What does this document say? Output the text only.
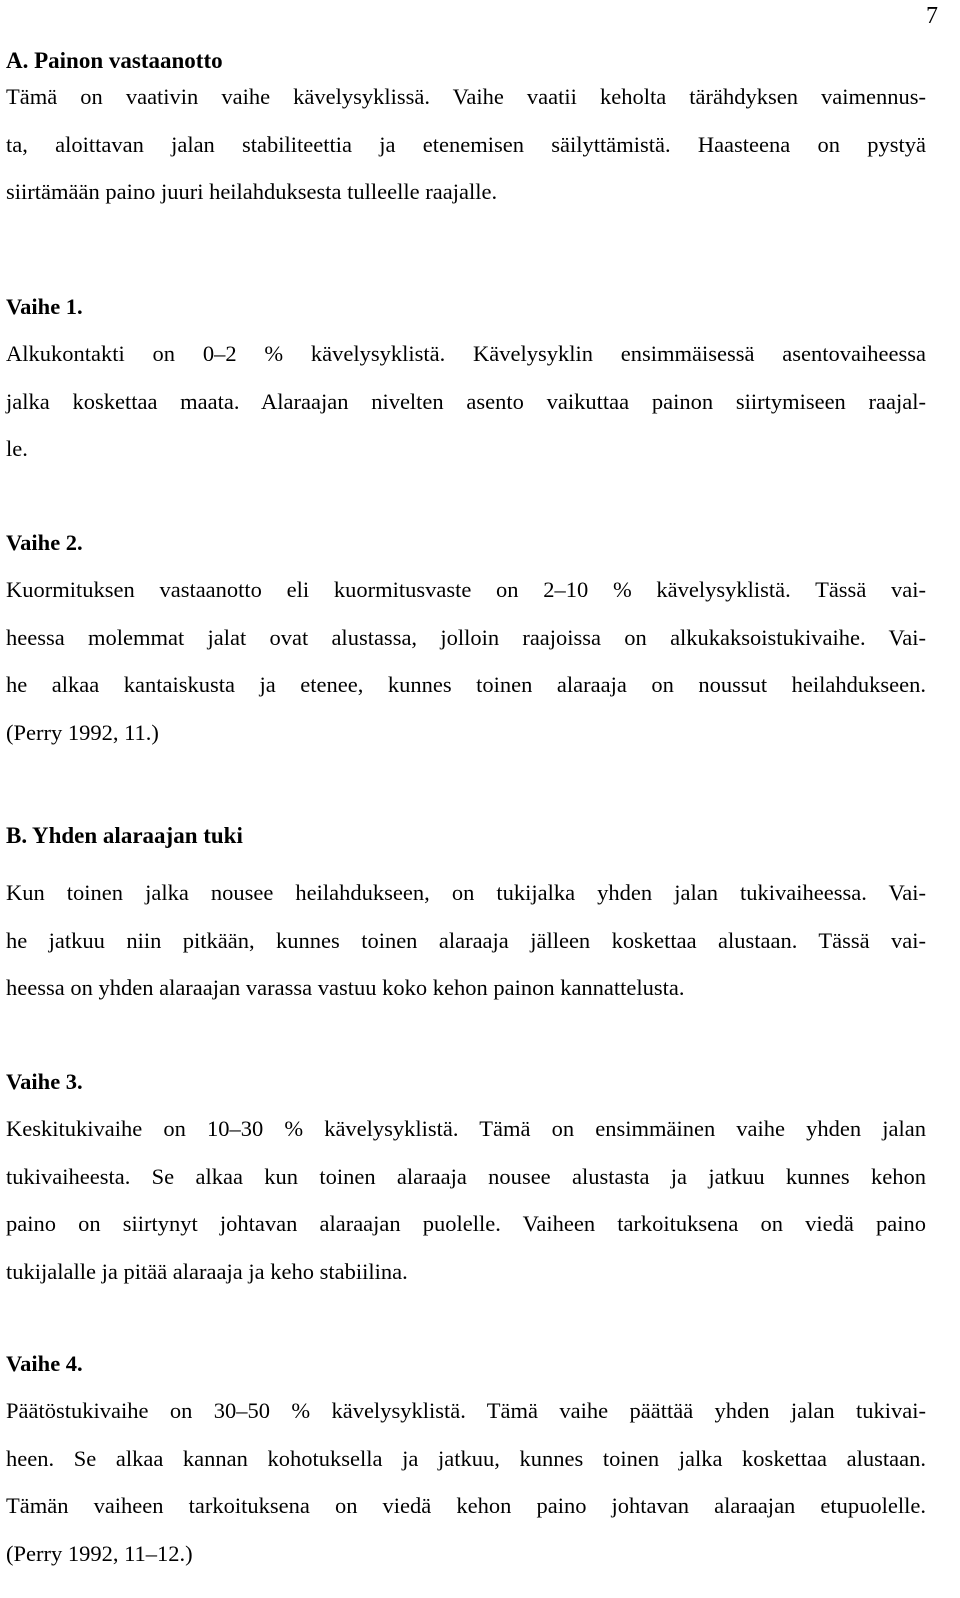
7
A. Painon vastaanotto

Tämä on vaativin vaihe kävelysyklissä. Vaihe vaatii keholta tärähdyksen vaimennus-
ta, aloittavan jalan stabiliteettia ja etenemisen säilyttämistä. Haasteena on pystyä
siirtämään paino juuri heilahduksesta tulleelle raajalle.

Vaihe 1.

Alkukontakti on 0–2 % kävelysyklistä. Kävelysyklin ensimmäisessä asentovaiheessa
jalka koskettaa maata. Alaraajan nivelten asento vaikuttaa painon siirtymiseen raajal-
le.

Vaihe 2.

Kuormituksen vastaanotto eli kuormitusvaste on 2–10 % kävelysyklistä. Tässä vai-
heessa molemmat jalat ovat alustassa, jolloin raajoissa on alkukaksoistukivaihe. Vai-
he alkaa kantaiskusta ja etenee, kunnes toinen alaraaja on noussut heilahdukseen.
(Perry 1992, 11.)

B. Yhden alaraajan tuki

Kun toinen jalka nousee heilahdukseen, on tukijalka yhden jalan tukivaiheessa. Vai-
he jatkuu niin pitkään, kunnes toinen alaraaja jälleen koskettaa alustaan. Tässä vai-
heessa on yhden alaraajan varassa vastuu koko kehon painon kannattelusta.

Vaihe 3.

Keskitukivaihe on 10–30 % kävelysyklistä. Tämä on ensimmäinen vaihe yhden jalan
tukivaiheesta. Se alkaa kun toinen alaraaja nousee alustasta ja jatkuu kunnes kehon
paino on siirtynyt johtavan alaraajan puolelle. Vaiheen tarkoituksena on viedä paino
tukijalalle ja pitää alaraaja ja keho stabiilina.

Vaihe 4.

Päätöstukivaihe on 30–50 % kävelysyklistä. Tämä vaihe päättää yhden jalan tukivai-
heen. Se alkaa kannan kohotuksella ja jatkuu, kunnes toinen jalka koskettaa alustaan.
Tämän vaiheen tarkoituksena on viedä kehon paino johtavan alaraajan etupuolelle.
(Perry 1992, 11–12.)
